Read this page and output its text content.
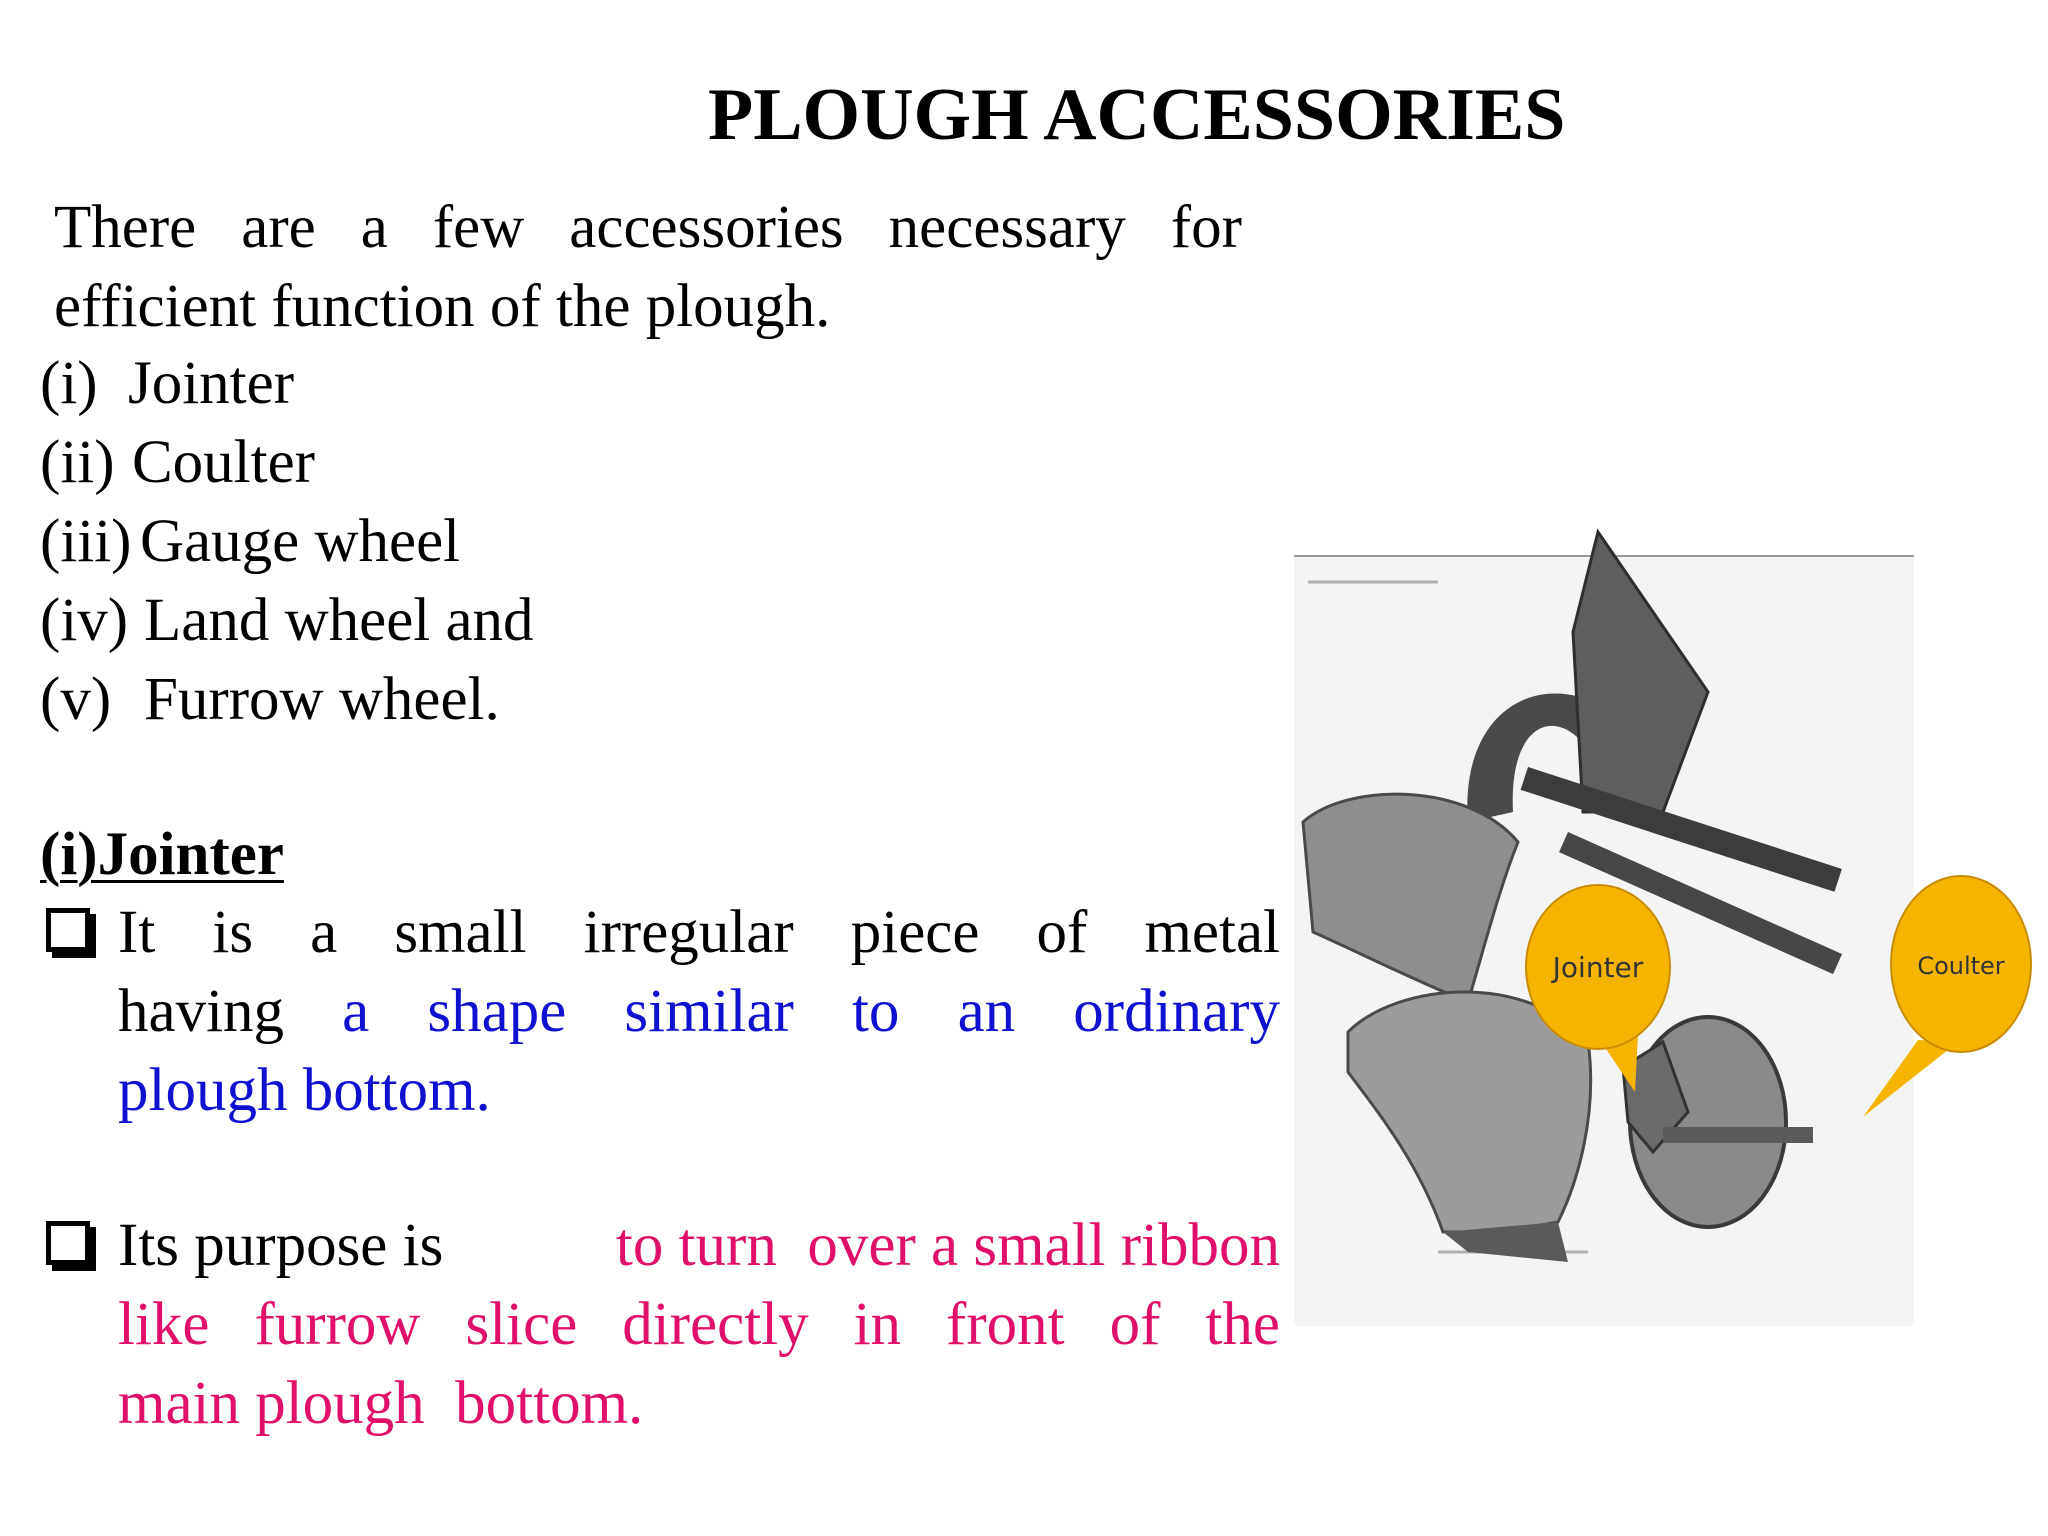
PLOUGH ACCESSORIES
There are a few accessories necessary for
efficient function of the plough.
(i) Jointer
(ii) Coulter
(iii) Gauge wheel
(iv) Land wheel and
(v) Furrow wheel.
(i)Jointer
It is a small irregular piece of metal
having a shape similar to an ordinary
plough bottom.
Its purpose is	to turn  over a small ribbon
like furrow slice directly in front of the
main plough  bottom.
Jointer	Coulter
